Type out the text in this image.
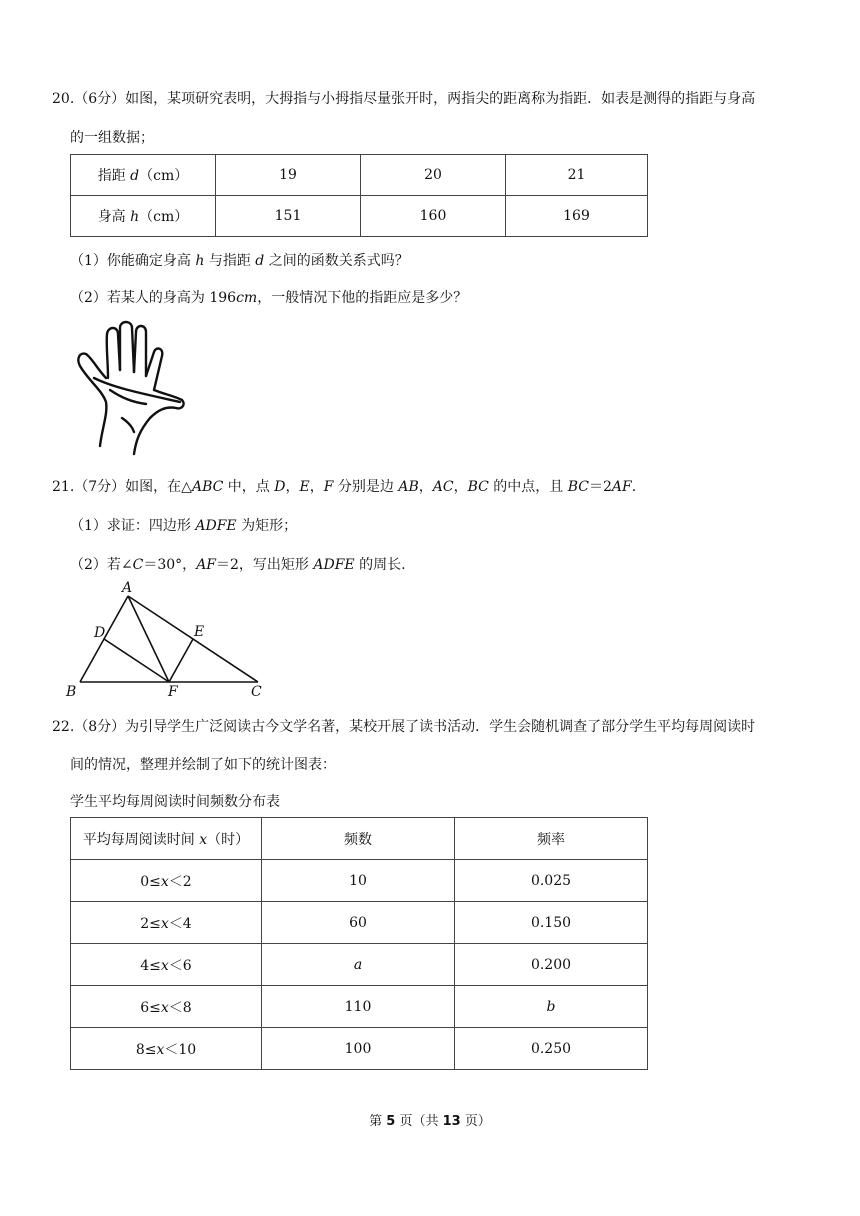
20.（6分）如图，某项研究表明，大拇指与小拇指尽量张开时，两指尖的距离称为指距．如表是测得的指距与身高
的一组数据；
指距 d（cm）	19	20	21
身高 h（cm）	151	160	169
（1）你能确定身高 h 与指距 d 之间的函数关系式吗？
（2）若某人的身高为 196cm，一般情况下他的指距应是多少？
21.（7分）如图，在△ABC 中，点 D，E，F 分别是边 AB，AC，BC 的中点，且 BC＝2AF.
（1）求证：四边形 ADFE 为矩形；
（2）若∠C＝30°，AF＝2，写出矩形 ADFE 的周长.
A
B	C
D	E
F
22.（8分）为引导学生广泛阅读古今文学名著，某校开展了读书活动．学生会随机调查了部分学生平均每周阅读时
间的情况，整理并绘制了如下的统计图表：
学生平均每周阅读时间频数分布表
平均每周阅读时间 x（时）	频数	频率
0≤x＜2	10	0.025
2≤x＜4	60	0.150
4≤x＜6	a	0.200
6≤x＜8	110	b
8≤x＜10	100	0.250
第 5 页（共 13 页）
